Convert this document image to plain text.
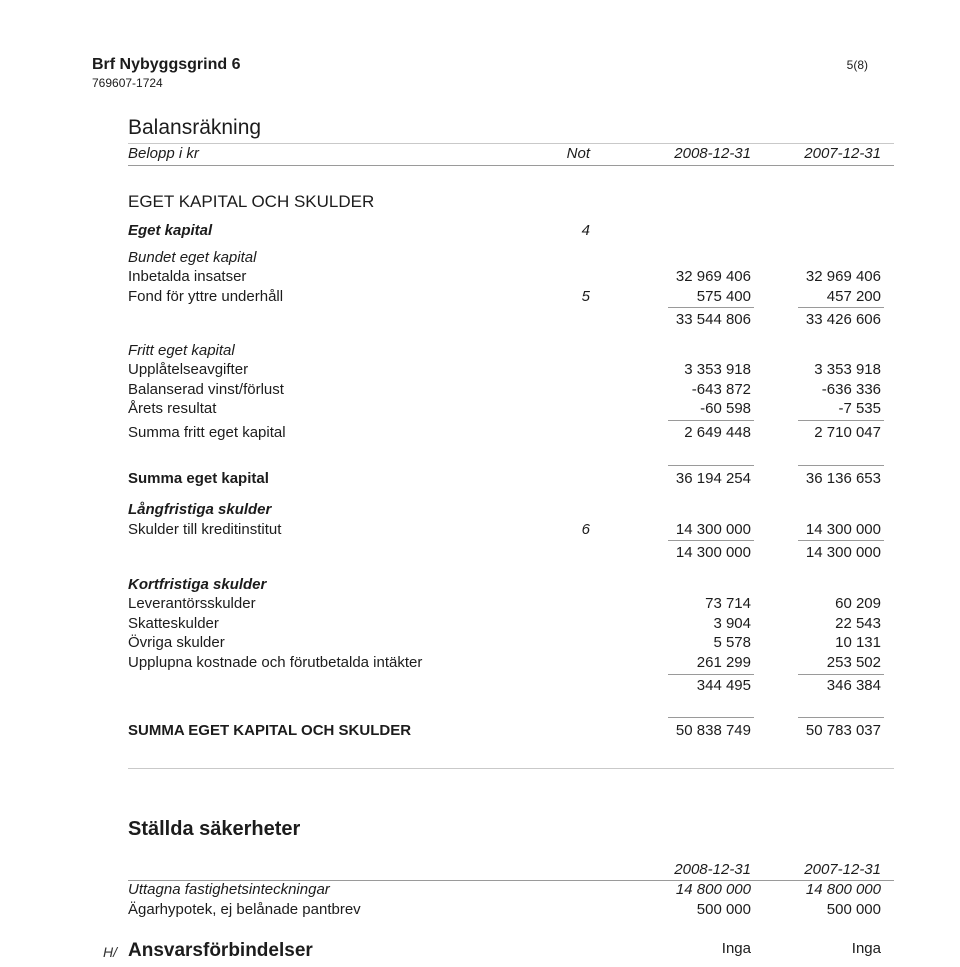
Brf Nybyggsgrind 6
769607-1724
5(8)
Balansräkning
Belopp i kr	Not	2008-12-31	2007-12-31
EGET KAPITAL OCH SKULDER
Eget kapital	4
Bundet eget kapital
Inbetalda insatser	32 969 406	32 969 406
Fond för yttre underhåll	5	575 400	457 200
33 544 806	33 426 606
Fritt eget kapital
Upplåtelseavgifter	3 353 918	3 353 918
Balanserad vinst/förlust	-643 872	-636 336
Årets resultat	-60 598	-7 535
Summa fritt eget kapital	2 649 448	2 710 047
Summa eget kapital	36 194 254	36 136 653
Långfristiga skulder
Skulder till kreditinstitut	6	14 300 000	14 300 000
14 300 000	14 300 000
Kortfristiga skulder
Leverantörsskulder	73 714	60 209
Skatteskulder	3 904	22 543
Övriga skulder	5 578	10 131
Upplupna kostnade och förutbetalda intäkter	261 299	253 502
344 495	346 384
SUMMA EGET KAPITAL OCH SKULDER	50 838 749	50 783 037
Ställda säkerheter
2008-12-31	2007-12-31
Uttagna fastighetsinteckningar	14 800 000	14 800 000
Ägarhypotek, ej belånade pantbrev	500 000	500 000
H/ Ansvarsförbindelser	Inga	Inga
